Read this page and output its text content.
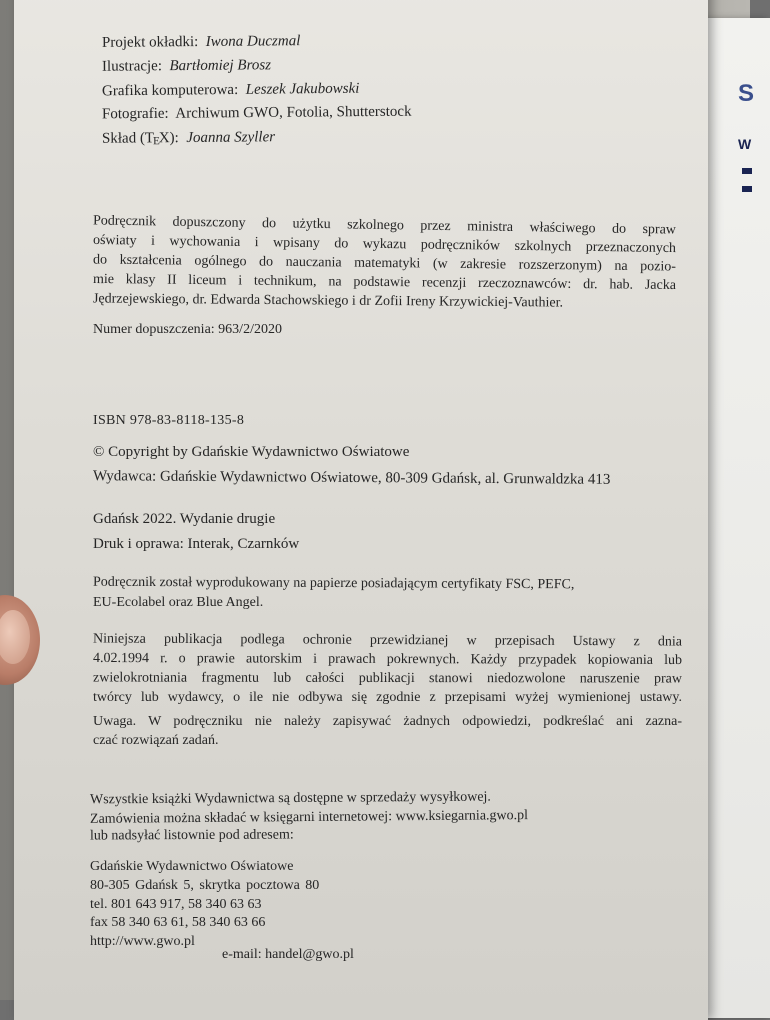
S
W
Projekt okładki: Iwona Duczmal
Ilustracje: Bartłomiej Brosz
Grafika komputerowa: Leszek Jakubowski
Fotografie: Archiwum GWO, Fotolia, Shutterstock
Skład $(T_EX)$: Joanna Szyller
Podręcznik dopuszczony do użytku szkolnego przez ministra właściwego do spraw
oświaty i wychowania i wpisany do wykazu podręczników szkolnych przeznaczonych
do kształcenia ogólnego do nauczania matematyki (w zakresie rozszerzonym) na pozio-
mie klasy II liceum i technikum, na podstawie recenzji rzeczoznawców: dr. hab. Jacka
Jędrzejewskiego, dr. Edwarda Stachowskiego i dr Zofii Ireny Krzywickiej-Vauthier.
Numer dopuszczenia: 963/2/2020
ISBN 978-83-8118-135-8
© Copyright by Gdańskie Wydawnictwo Oświatowe
Wydawca: Gdańskie Wydawnictwo Oświatowe, 80-309 Gdańsk, al. Grunwaldzka 413
Gdańsk 2022. Wydanie drugie
Druk i oprawa: Interak, Czarnków
Podręcznik został wyprodukowany na papierze posiadającym certyfikaty FSC, PEFC,
EU-Ecolabel oraz Blue Angel.
Niniejsza publikacja podlega ochronie przewidzianej w przepisach Ustawy z dnia
4.02.1994 r. o prawie autorskim i prawach pokrewnych. Każdy przypadek kopiowania lub
zwielokrotniania fragmentu lub całości publikacji stanowi niedozwolone naruszenie praw
twórcy lub wydawcy, o ile nie odbywa się zgodnie z przepisami wyżej wymienionej ustawy.
Uwaga. W podręczniku nie należy zapisywać żadnych odpowiedzi, podkreślać ani zazna-
czać rozwiązań zadań.
Wszystkie książki Wydawnictwa są dostępne w sprzedaży wysyłkowej.
Zamówienia można składać w księgarni internetowej: www.ksiegarnia.gwo.pl
lub nadsyłać listownie pod adresem:
Gdańskie Wydawnictwo Oświatowe
80-305 Gdańsk 5, skrytka pocztowa 80
tel. 801 643 917, 58 340 63 63
fax 58 340 63 61, 58 340 63 66
http://www.gwo.pl
e-mail: handel@gwo.pl
